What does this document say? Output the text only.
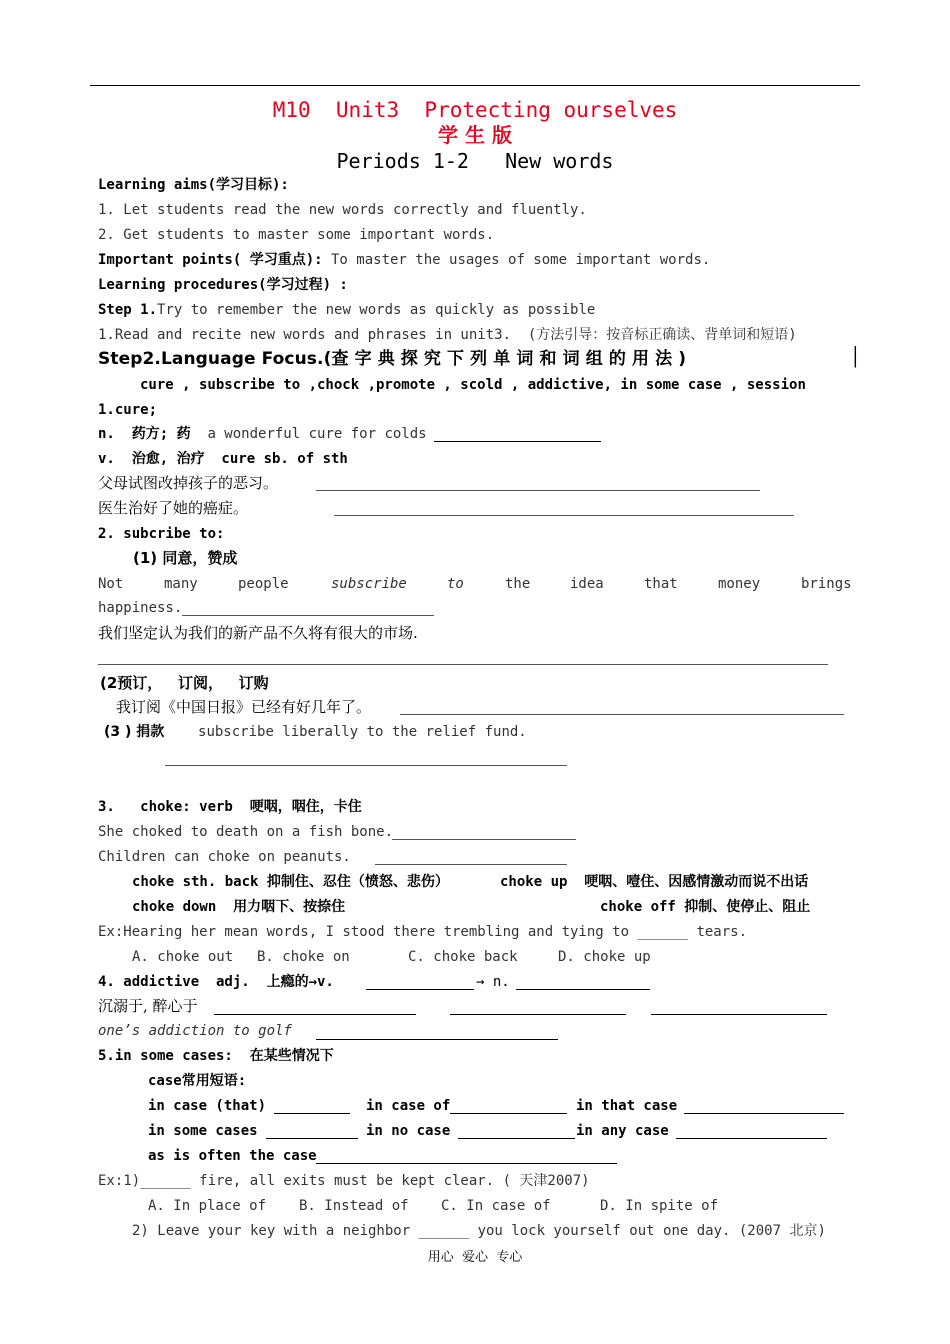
M10  Unit3  Protecting ourselves
学 生 版
Periods 1-2   New words
Learning aims(学习目标):
1. Let students read the new words correctly and fluently.
2. Get students to master some important words.
Important points( 学习重点): To master the usages of some important words.
Learning procedures(学习过程) :
Step 1.Try to remember the new words as quickly as possible
1.Read and recite new words and phrases in unit3.  (方法引导：按音标正确读、背单词和短语)
Step2.Language Focus.(查 字 典 探 究 下 列 单 词 和 词 组 的 用 法 )	│
cure , subscribe to ,chock ,promote , scold , addictive, in some case , session
1.cure;
n.  药方; 药 a wonderful cure for colds
v.  治愈, 治疗  cure sb. of sth
父母试图改掉孩子的恶习。
医生治好了她的癌症。
2. subcribe to:
(1) 同意，赞成
Not	many	people	subscribe	to	the	idea	that	money	brings
happiness.
我们坚定认为我们的新产品不久将有很大的市场.
(2预订，   订阅，   订购
我订阅《中国日报》已经有好几年了。
(3 ) 捐款 subscribe liberally to the relief fund.
3.   choke: verb  哽咽，咽住，卡住
She choked to death on a fish bone.
Children can choke on peanuts.
choke sth. back 抑制住、忍住（愤怒、悲伤）	choke up  哽咽、噎住、因感情激动而说不出话
choke down  用力咽下、按捺住	choke off 抑制、使停止、阻止
Ex:Hearing her mean words, I stood there trembling and tying to ______ tears.
A. choke out B. choke on	C. choke back	D. choke up
4. addictive  adj.  上瘾的→v.	→ n.
沉溺于, 醉心于
one’s addiction to golf
5.in some cases:  在某些情况下
case常用短语:
in case (that)	in case of	in that case
in some cases	in no case	in any case
as is often the case
Ex:1)______ fire, all exits must be kept clear. ( 天津2007)
A. In place of B. Instead of C. In case of	D. In spite of
2) Leave your key with a neighbor ______ you lock yourself out one day. (2007 北京)
用心  爱心  专心
